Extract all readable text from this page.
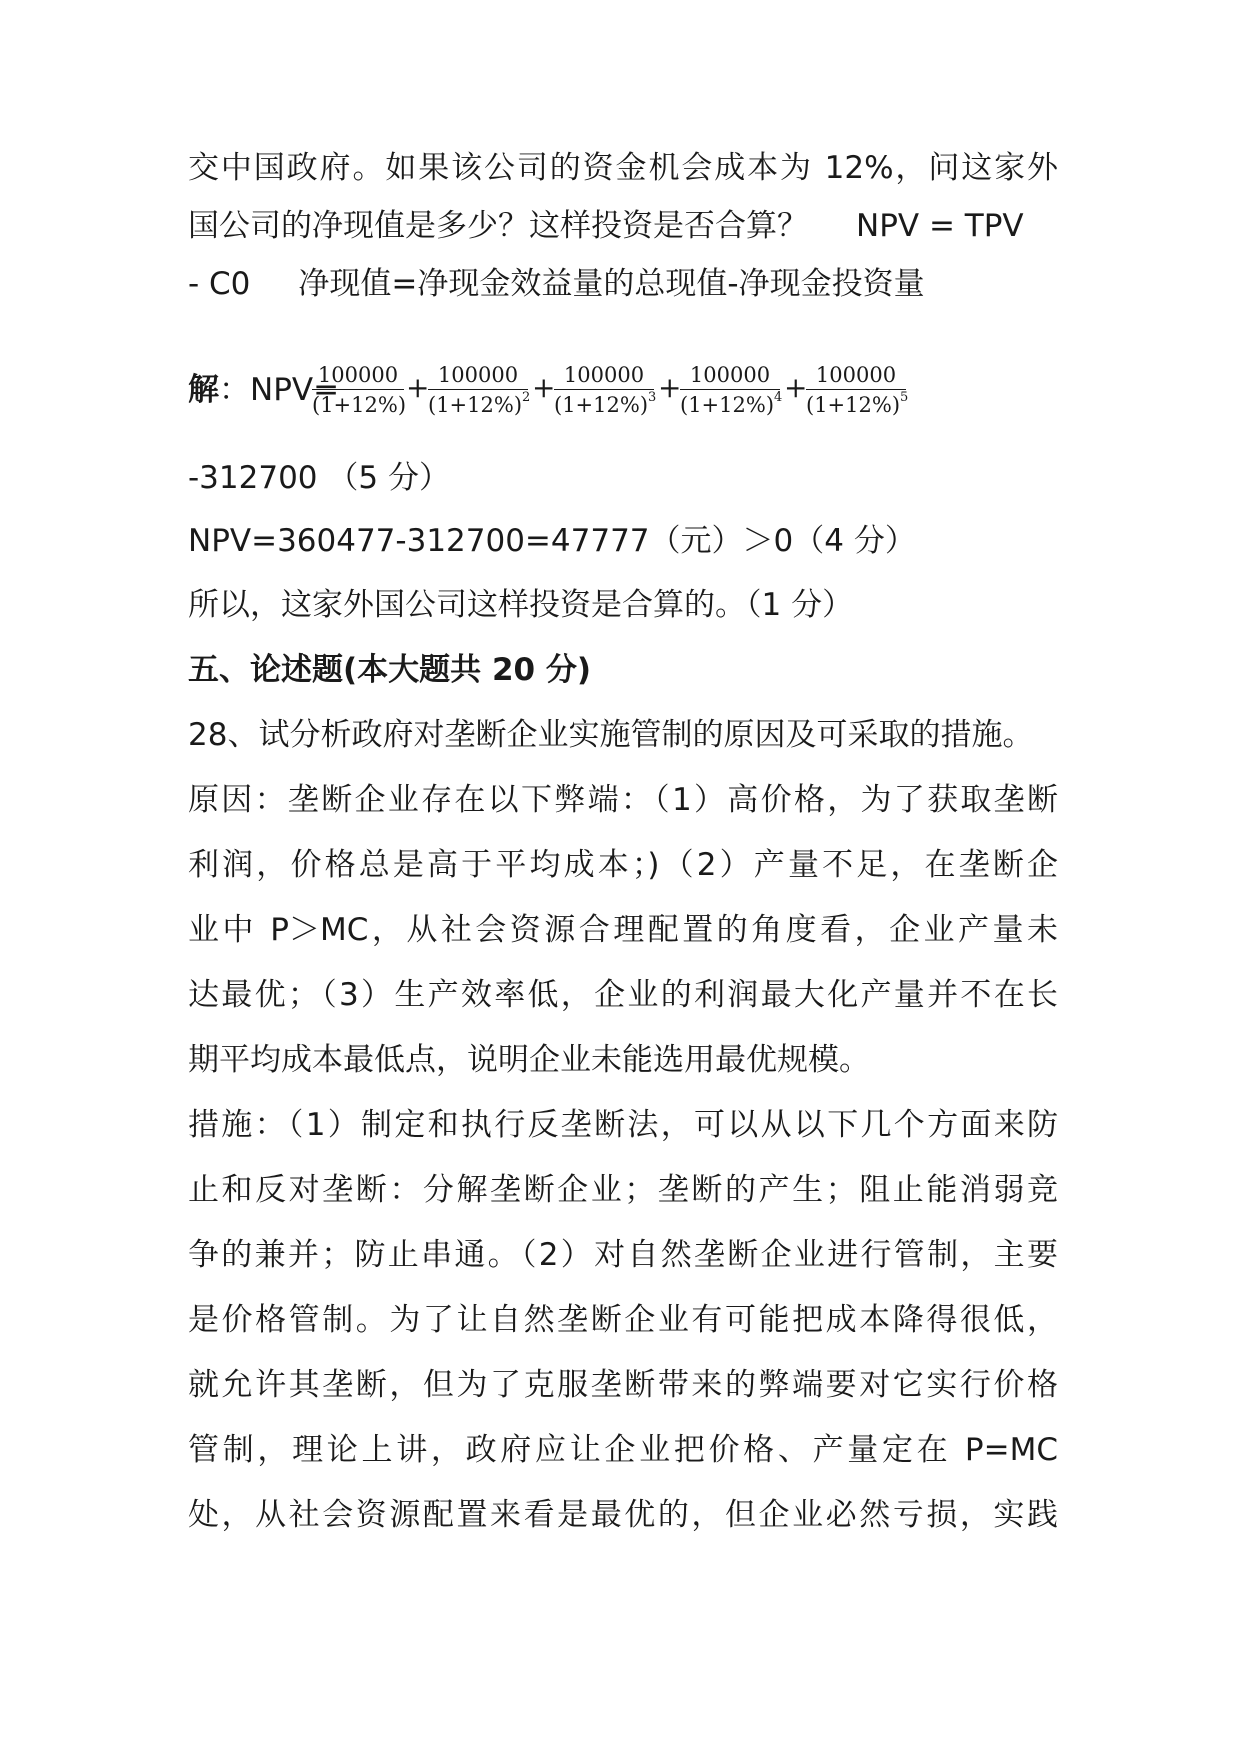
交中国政府。如果该公司的资金机会成本为 12%，问这家外
国公司的净现值是多少？这样投资是否合算？ NPV = TPV
- C0 净现值=净现金效益量的总现值-净现金投资量
解：NPV=
100000
(1+12%)
+ 100000
$(1+12\%)^2 + 100000$
$(1+12\%)^3 + 100000$
$(1+12\%)^4 + 100000$
$(1+12\%)^5$
-312700 （5 分）
NPV=360477-312700=47777（元）＞0（4 分）
所以，这家外国公司这样投资是合算的。（1 分）
五、论述题(本大题共 20 分)
28、试分析政府对垄断企业实施管制的原因及可采取的措施。
原因：垄断企业存在以下弊端：（1）高价格，为了获取垄断
利润，价格总是高于平均成本；)（2）产量不足，在垄断企
业中 P＞MC，从社会资源合理配置的角度看，企业产量未
达最优；（3）生产效率低，企业的利润最大化产量并不在长
期平均成本最低点，说明企业未能选用最优规模。
措施：（1）制定和执行反垄断法，可以从以下几个方面来防
止和反对垄断：分解垄断企业；垄断的产生；阻止能消弱竞
争的兼并；防止串通。（2）对自然垄断企业进行管制，主要
是价格管制。为了让自然垄断企业有可能把成本降得很低，
就允许其垄断，但为了克服垄断带来的弊端要对它实行价格
管制，理论上讲，政府应让企业把价格、产量定在 P=MC
处，从社会资源配置来看是最优的，但企业必然亏损，实践
